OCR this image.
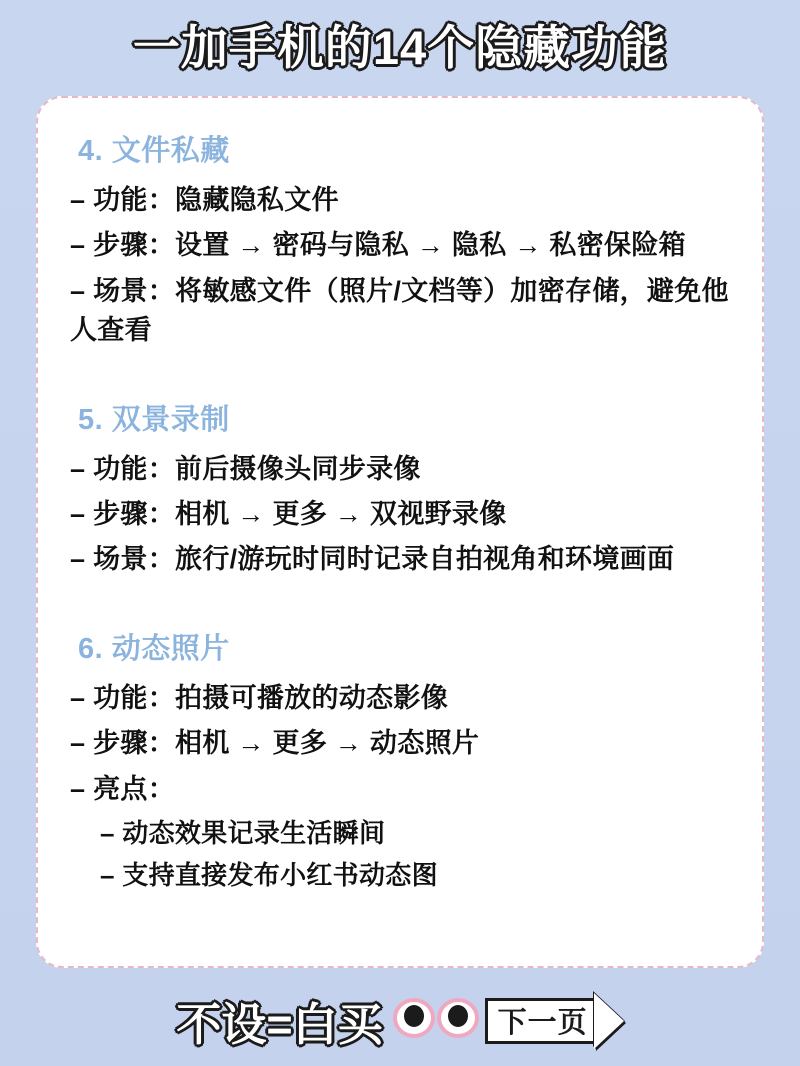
一加手机的14个隐藏功能
4. 文件私藏
– 功能：隐藏隐私文件
– 步骤：设置 → 密码与隐私 → 隐私 → 私密保险箱
– 场景：将敏感文件（照片/文档等）加密存储，避免他人查看
5. 双景录制
– 功能：前后摄像头同步录像
– 步骤：相机 → 更多 → 双视野录像
– 场景：旅行/游玩时同时记录自拍视角和环境画面
6. 动态照片
– 功能：拍摄可播放的动态影像
– 步骤：相机 → 更多 → 动态照片
– 亮点：
– 动态效果记录生活瞬间
– 支持直接发布小红书动态图
不设=白买	下一页
